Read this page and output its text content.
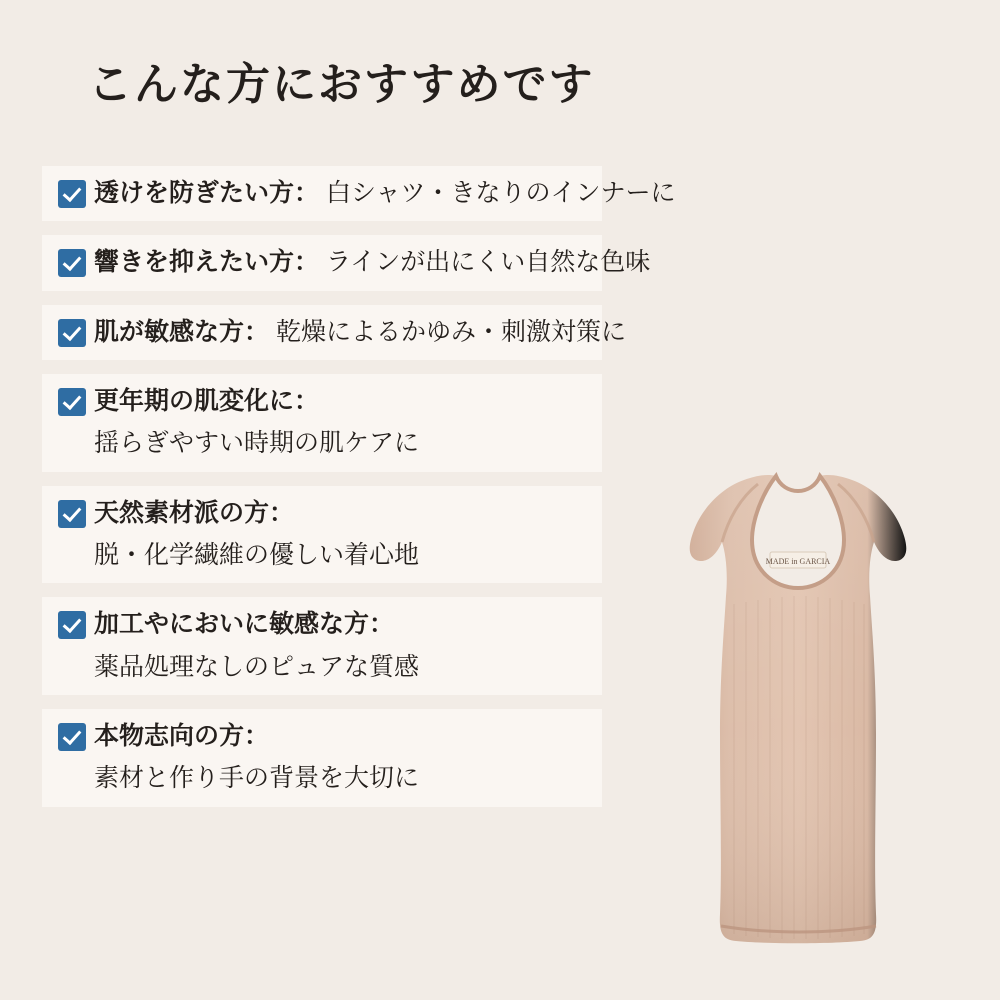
こんな方におすすめです
透けを防ぎたい方： 白シャツ・きなりのインナーに
響きを抑えたい方： ラインが出にくい自然な色味
肌が敏感な方： 乾燥によるかゆみ・刺激対策に
更年期の肌変化に：
揺らぎやすい時期の肌ケアに
天然素材派の方：
脱・化学繊維の優しい着心地
加工やにおいに敏感な方：
薬品処理なしのピュアな質感
本物志向の方：
素材と作り手の背景を大切に
MADE in GARCIA
